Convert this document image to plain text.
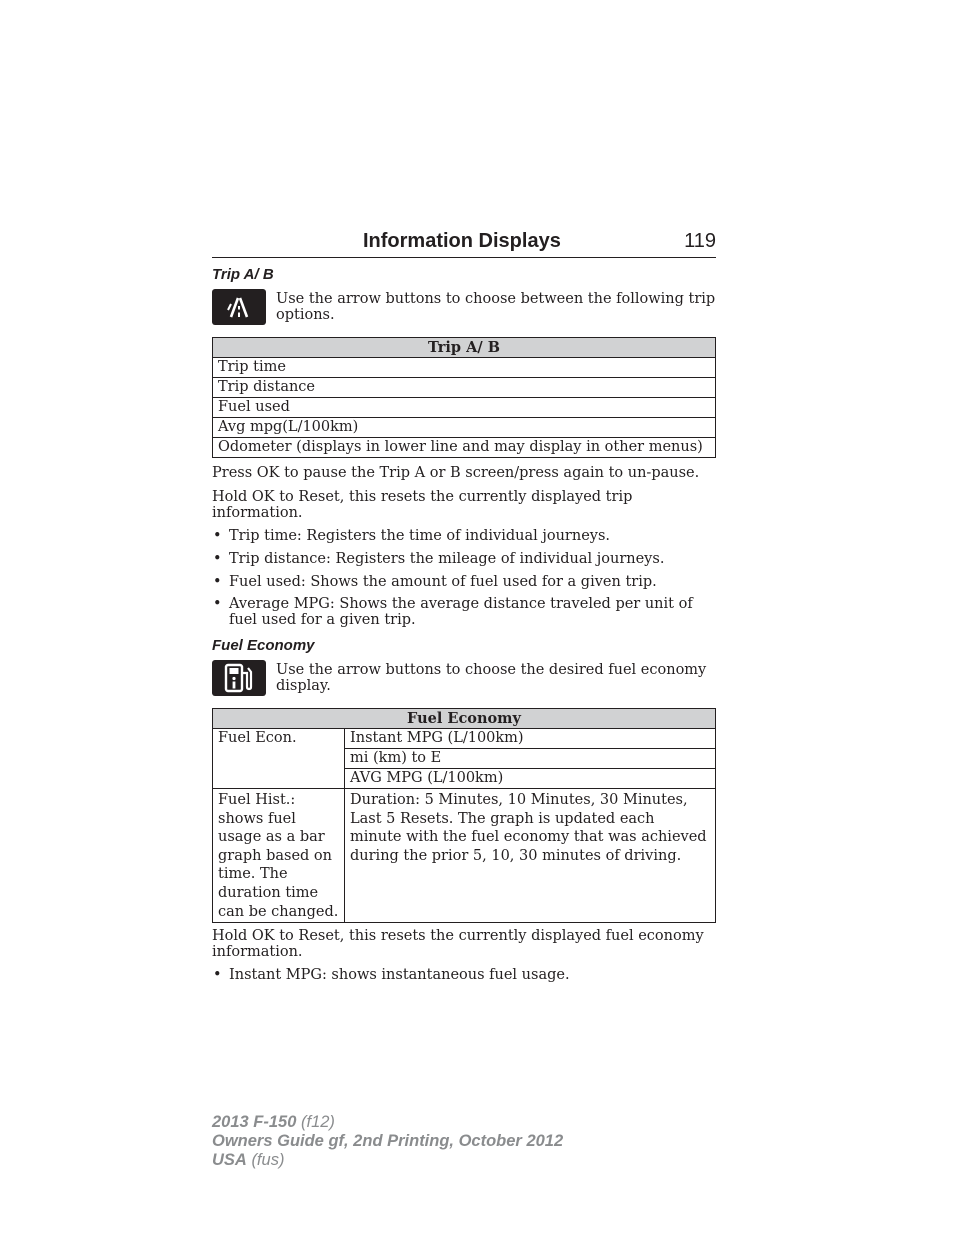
Information Displays	119
Trip A/ B
Use the arrow buttons to choose between the following trip options.
Trip A/ B
Trip time
Trip distance
Fuel used
Avg mpg(L/100km)
Odometer (displays in lower line and may display in other menus)

Press OK to pause the Trip A or B screen/press again to un-pause.

Hold OK to Reset, this resets the currently displayed trip information.

• Trip time: Registers the time of individual journeys.
• Trip distance: Registers the mileage of individual journeys.
• Fuel used: Shows the amount of fuel used for a given trip.
• Average MPG: Shows the average distance traveled per unit of fuel used for a given trip.
Fuel Economy
Use the arrow buttons to choose the desired fuel economy display.
Fuel Economy	
Fuel Econ.	Instant MPG (L/100km)
	mi (km) to E
	AVG MPG (L/100km)
Fuel Hist.: shows fuel usage as a bar graph based on time. The duration time can be changed.	Duration: 5 Minutes, 10 Minutes, 30 Minutes, Last 5 Resets. The graph is updated each minute with the fuel economy that was achieved during the prior 5, 10, 30 minutes of driving.

Hold OK to Reset, this resets the currently displayed fuel economy information.

• Instant MPG: shows instantaneous fuel usage.
2013 F-150 (f12)
Owners Guide gf, 2nd Printing, October 2012
USA (fus)
